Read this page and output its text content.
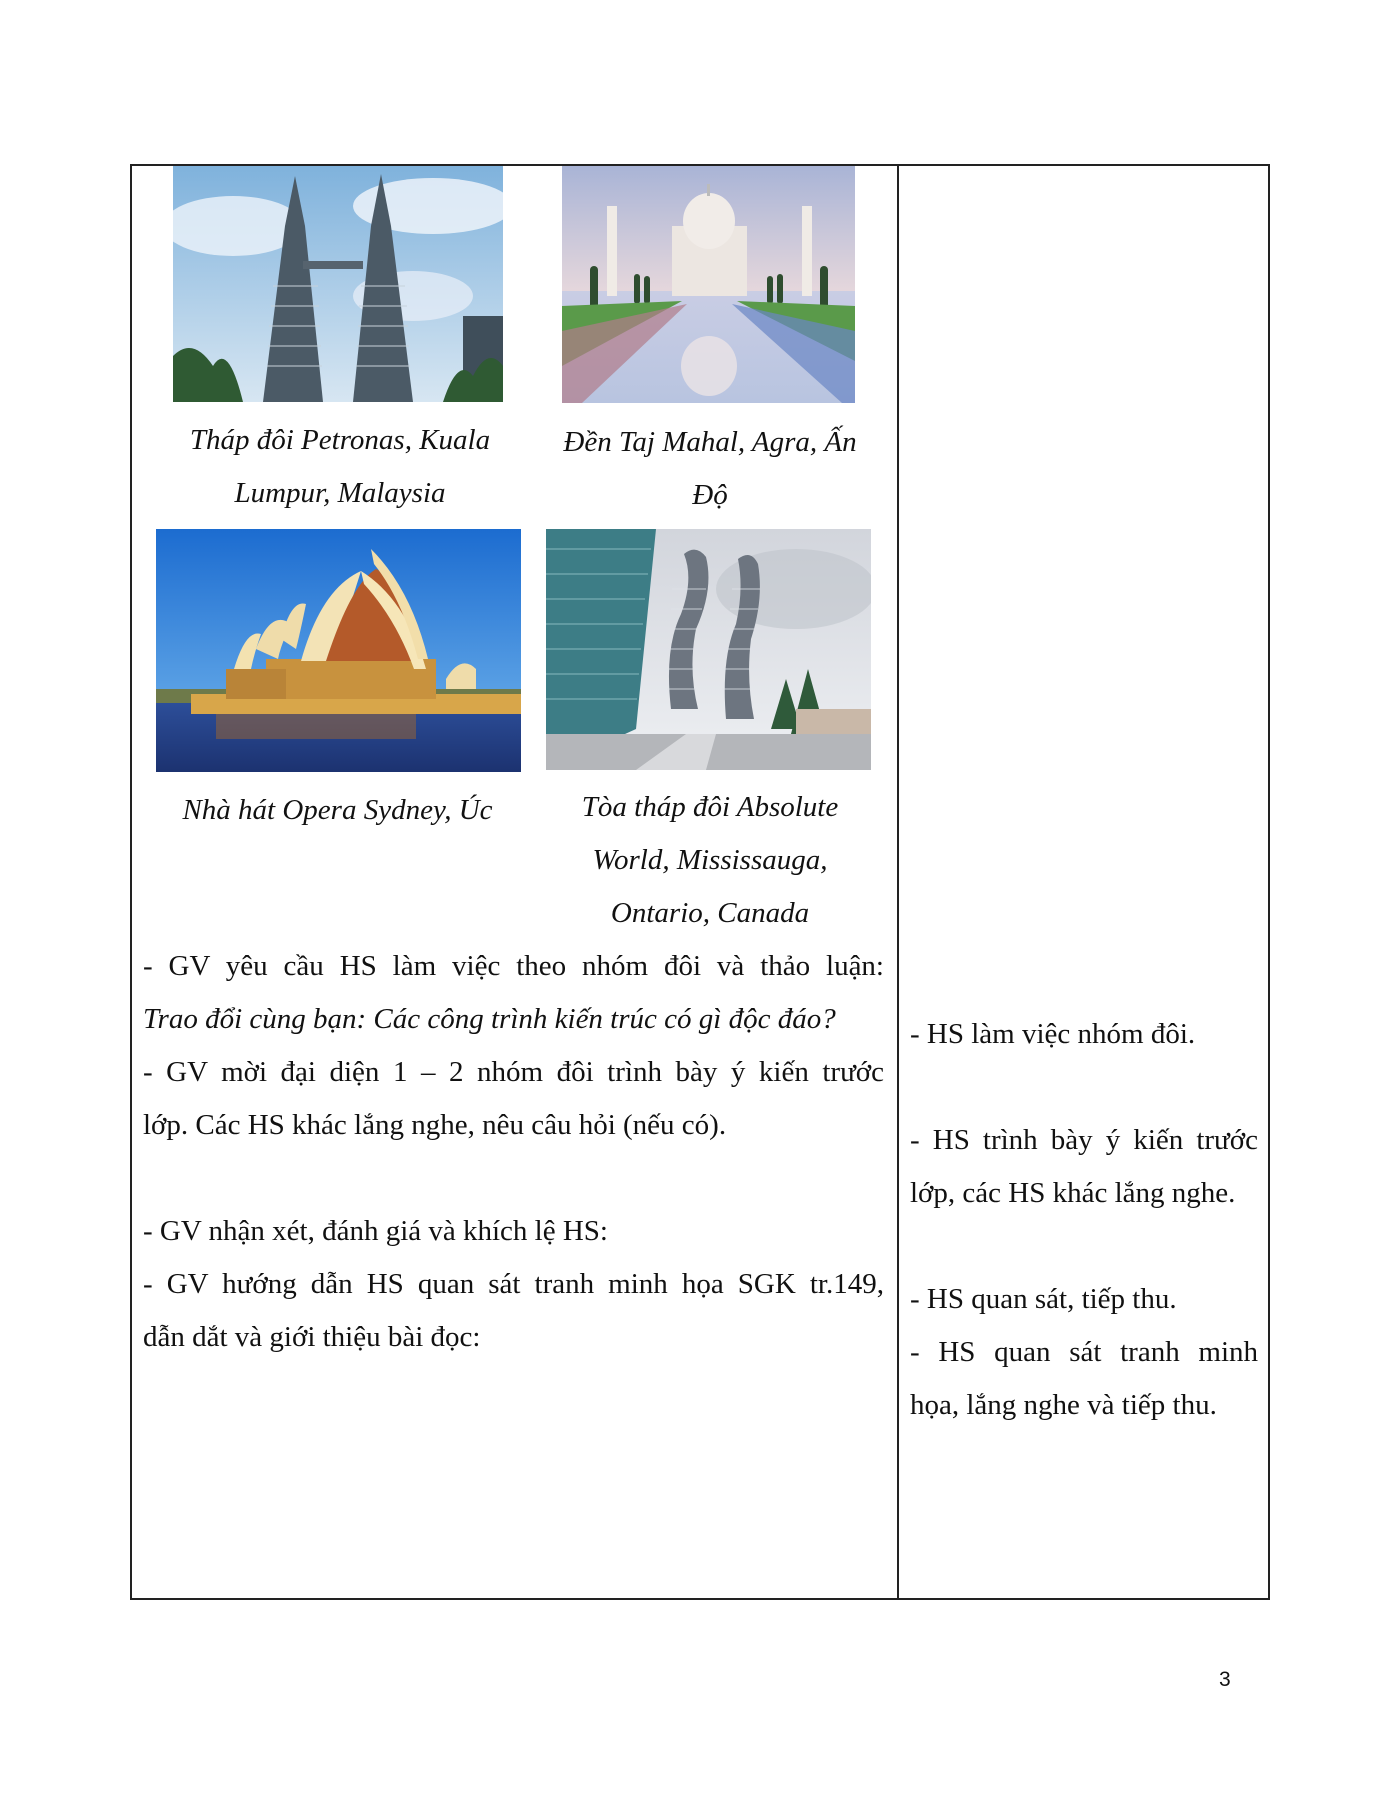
Tháp đôi Petronas, Kuala
Lumpur, Malaysia
Đền Taj Mahal, Agra, Ấn
Độ
Nhà hát Opera Sydney, Úc	Tòa tháp đôi Absolute
World, Mississauga,
Ontario, Canada
- GV yêu cầu HS làm việc theo nhóm đôi và thảo luận:
Trao đổi cùng bạn: Các công trình kiến trúc có gì độc đáo?
- GV mời đại diện 1 – 2 nhóm đôi trình bày ý kiến trước
lớp. Các HS khác lắng nghe, nêu câu hỏi (nếu có).
- GV nhận xét, đánh giá và khích lệ HS:
- GV hướng dẫn HS quan sát tranh minh họa SGK tr.149,
dẫn dắt và giới thiệu bài đọc:
- HS làm việc nhóm đôi.
- HS trình bày ý kiến trước
lớp, các HS khác lắng nghe.
- HS quan sát, tiếp thu.
- HS quan sát tranh minh
họa, lắng nghe và tiếp thu.
3
